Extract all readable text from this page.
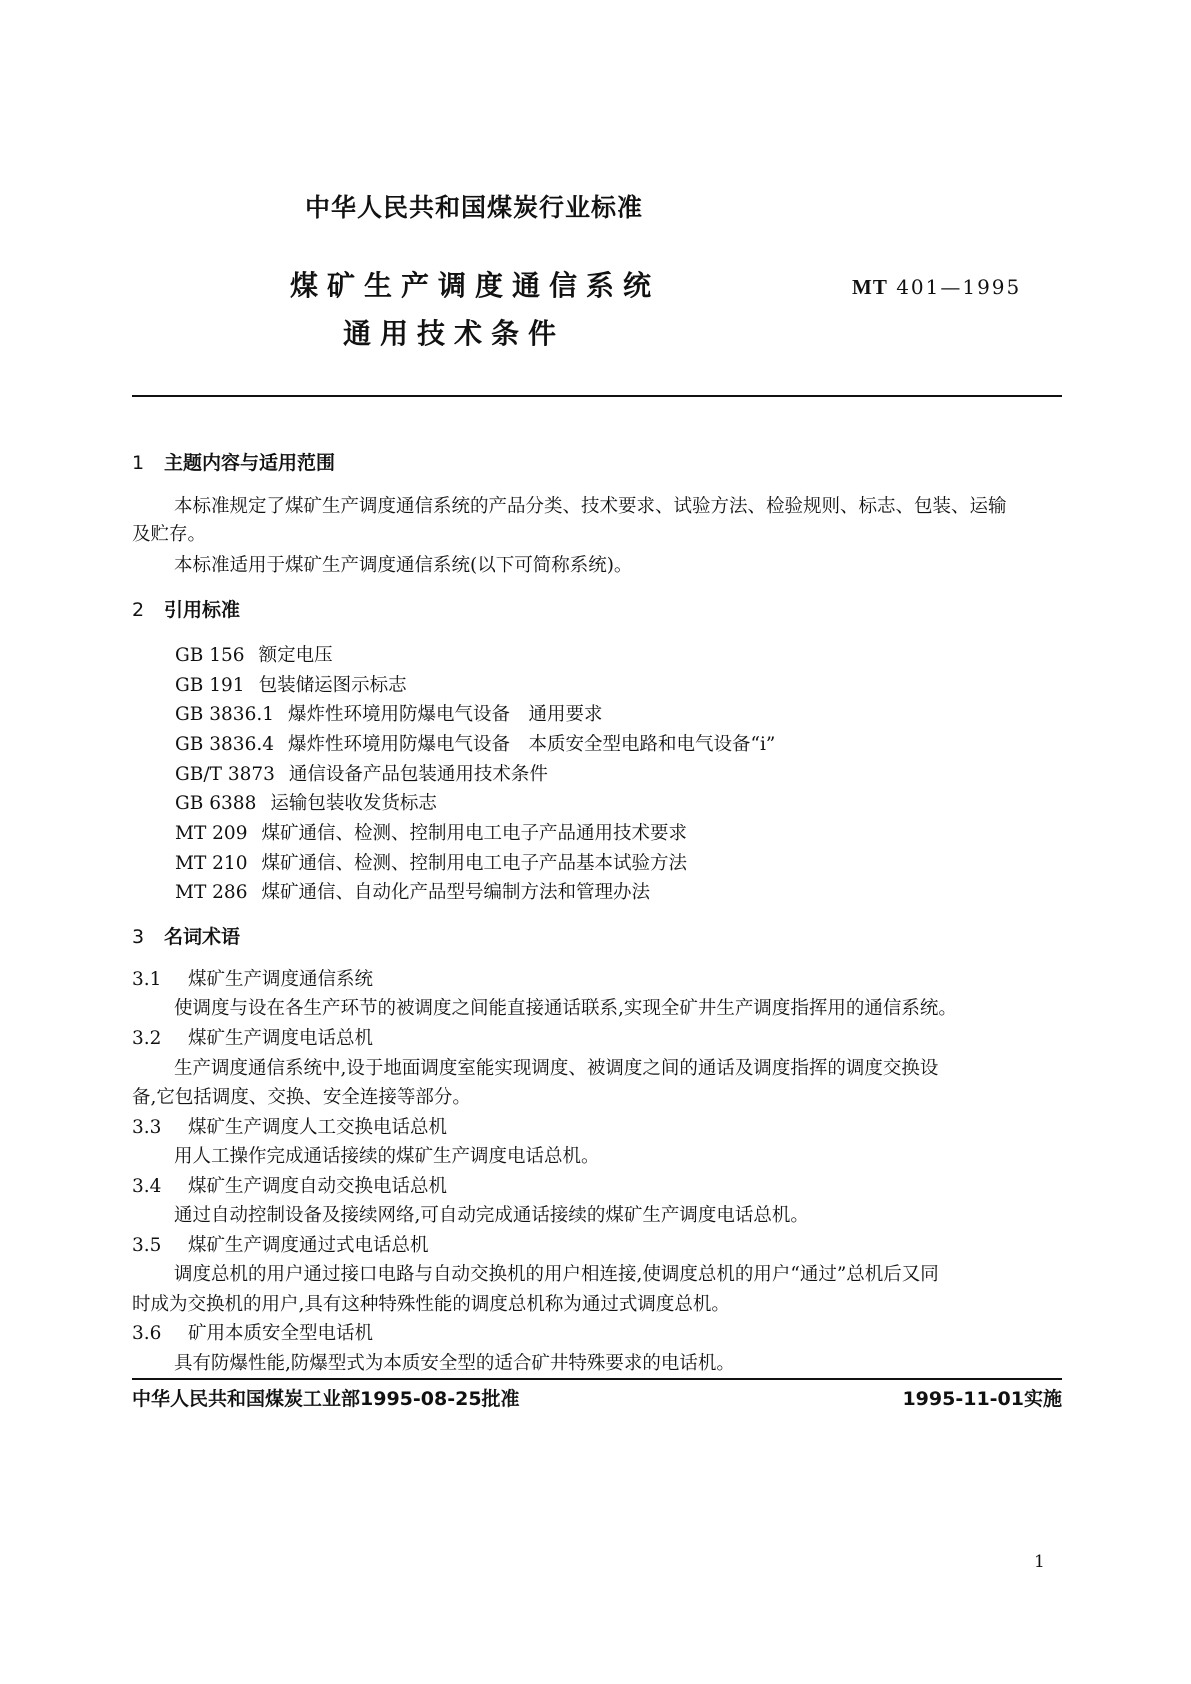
中华人民共和国煤炭行业标准
煤矿生产调度通信系统
通用技术条件
MT 401—1995
1 主题内容与适用范围
本标准规定了煤矿生产调度通信系统的产品分类、技术要求、试验方法、检验规则、标志、包装、运输
及贮存。
本标准适用于煤矿生产调度通信系统(以下可简称系统)。
2 引用标准
GB 156 额定电压
GB 191 包装储运图示标志
GB 3836.1 爆炸性环境用防爆电气设备　通用要求
GB 3836.4 爆炸性环境用防爆电气设备　本质安全型电路和电气设备“i”
GB/T 3873 通信设备产品包装通用技术条件
GB 6388 运输包装收发货标志
MT 209 煤矿通信、检测、控制用电工电子产品通用技术要求
MT 210 煤矿通信、检测、控制用电工电子产品基本试验方法
MT 286 煤矿通信、自动化产品型号编制方法和管理办法
3 名词术语
3.1 煤矿生产调度通信系统
使调度与设在各生产环节的被调度之间能直接通话联系,实现全矿井生产调度指挥用的通信系统。
3.2 煤矿生产调度电话总机
生产调度通信系统中,设于地面调度室能实现调度、被调度之间的通话及调度指挥的调度交换设
备,它包括调度、交换、安全连接等部分。
3.3 煤矿生产调度人工交换电话总机
用人工操作完成通话接续的煤矿生产调度电话总机。
3.4 煤矿生产调度自动交换电话总机
通过自动控制设备及接续网络,可自动完成通话接续的煤矿生产调度电话总机。
3.5 煤矿生产调度通过式电话总机
调度总机的用户通过接口电路与自动交换机的用户相连接,使调度总机的用户“通过”总机后又同
时成为交换机的用户,具有这种特殊性能的调度总机称为通过式调度总机。
3.6 矿用本质安全型电话机
具有防爆性能,防爆型式为本质安全型的适合矿井特殊要求的电话机。
中华人民共和国煤炭工业部1995-08-25批准	1995-11-01实施
1
